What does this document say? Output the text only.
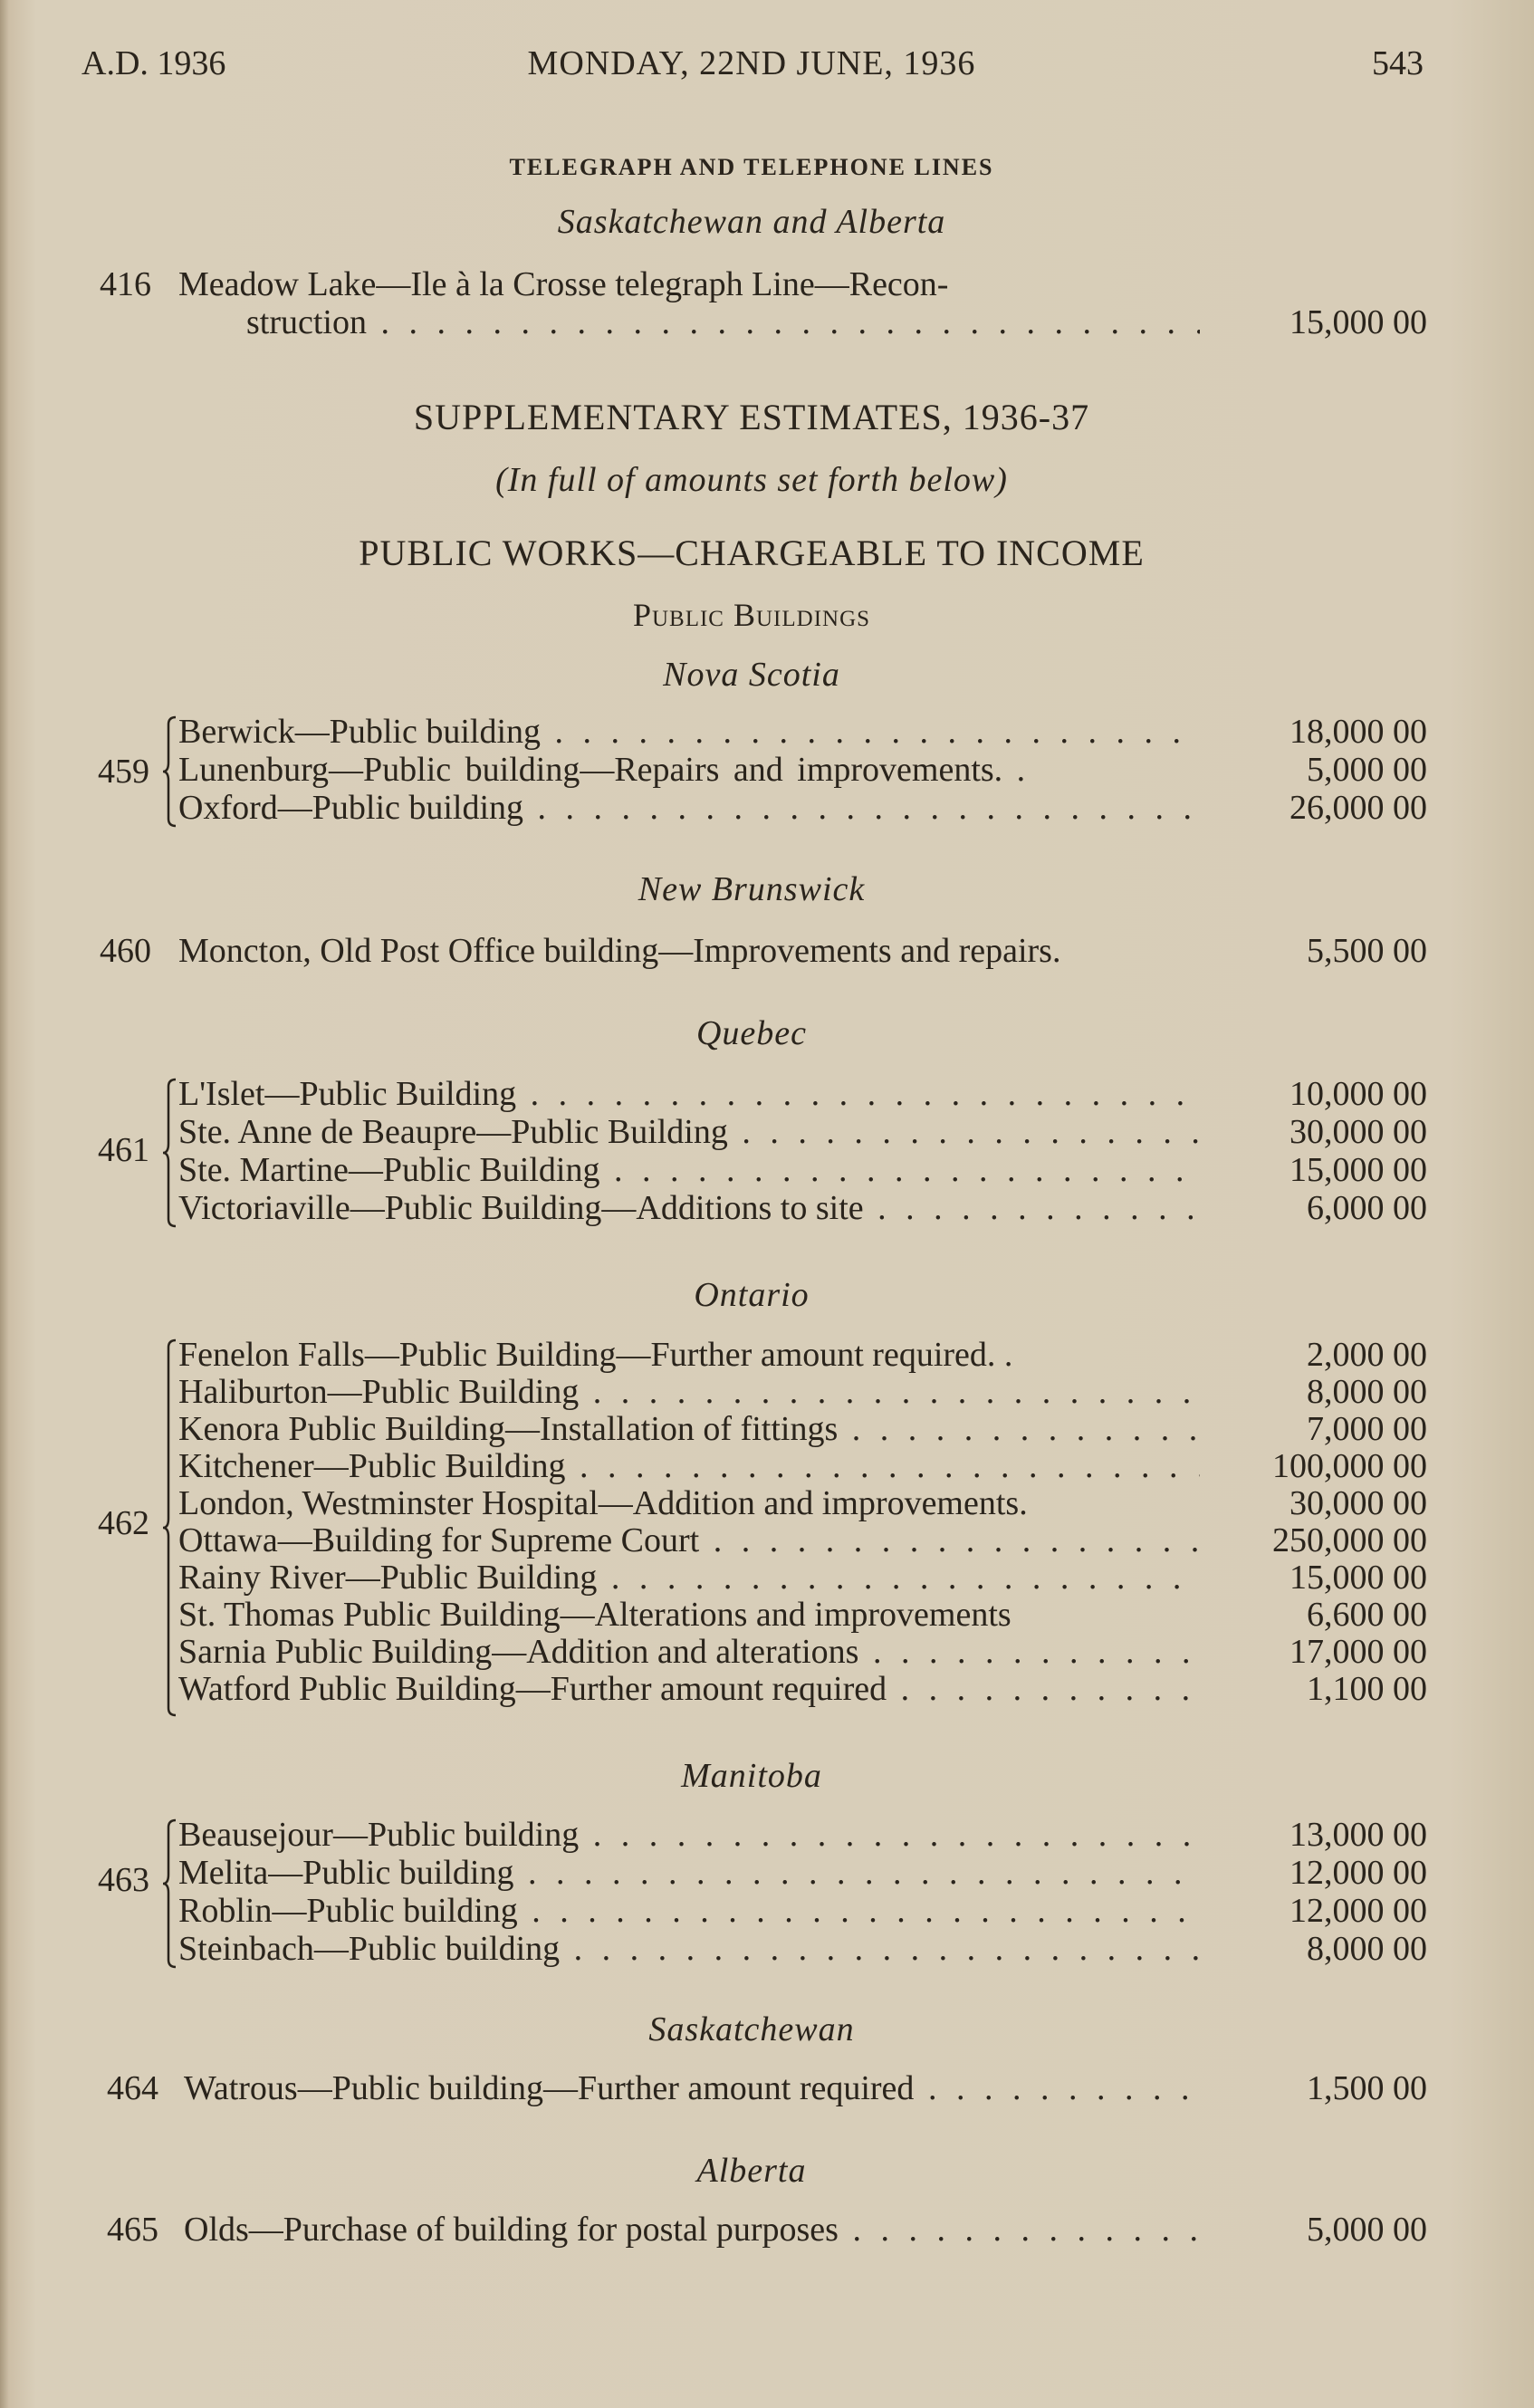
A.D. 1936	MONDAY, 22ND JUNE, 1936	543
TELEGRAPH AND TELEPHONE LINES
Saskatchewan and Alberta
416 Meadow Lake—Ile à la Crosse telegraph Line—Recon-
struction . . .	15,000 00
SUPPLEMENTARY ESTIMATES, 1936-37
(In full of amounts set forth below)
PUBLIC WORKS—CHARGEABLE TO INCOME
Public Buildings
Nova Scotia
459
Berwick—Public building . . .	18,000 00
Lunenburg—Public building—Repairs and improvements. .	5,000 00
Oxford—Public building . . .	26,000 00
New Brunswick
460 Moncton, Old Post Office building—Improvements and repairs.	5,500 00
Quebec
461
L'Islet—Public Building . . .	10,000 00
Ste. Anne de Beaupre—Public Building . . .	30,000 00
Ste. Martine—Public Building . . .	15,000 00
Victoriaville—Public Building—Additions to site . . .	6,000 00
Ontario
462
Fenelon Falls—Public Building—Further amount required. .	2,000 00
Haliburton—Public Building . . .	8,000 00
Kenora Public Building—Installation of fittings . . .	7,000 00
Kitchener—Public Building . . .	100,000 00
London, Westminster Hospital—Addition and improvements.	30,000 00
Ottawa—Building for Supreme Court . . .	250,000 00
Rainy River—Public Building . . .	15,000 00
St. Thomas Public Building—Alterations and improvements	6,600 00
Sarnia Public Building—Addition and alterations . . .	17,000 00
Watford Public Building—Further amount required . . .	1,100 00
Manitoba
463
Beausejour—Public building . . .	13,000 00
Melita—Public building . . .	12,000 00
Roblin—Public building . . .	12,000 00
Steinbach—Public building . . .	8,000 00
Saskatchewan
464 Watrous—Public building—Further amount required . . .	1,500 00
Alberta
465 Olds—Purchase of building for postal purposes . . .	5,000 00
